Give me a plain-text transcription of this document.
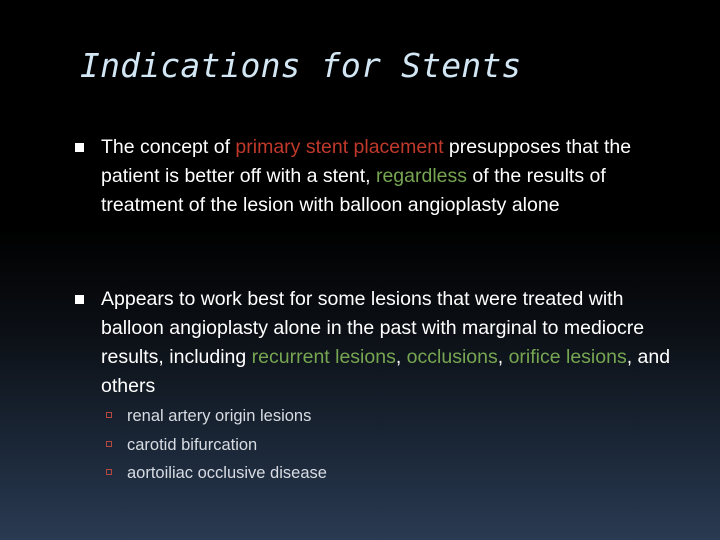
Indications for Stents
The concept of primary stent placement presupposes that the patient is better off with a stent, regardless of the results of treatment of the lesion with balloon angioplasty alone
Appears to work best for some lesions that were treated with balloon angioplasty alone in the past with marginal to mediocre results, including recurrent lesions, occlusions, orifice lesions, and others
renal artery origin lesions
carotid bifurcation
aortoiliac occlusive disease
